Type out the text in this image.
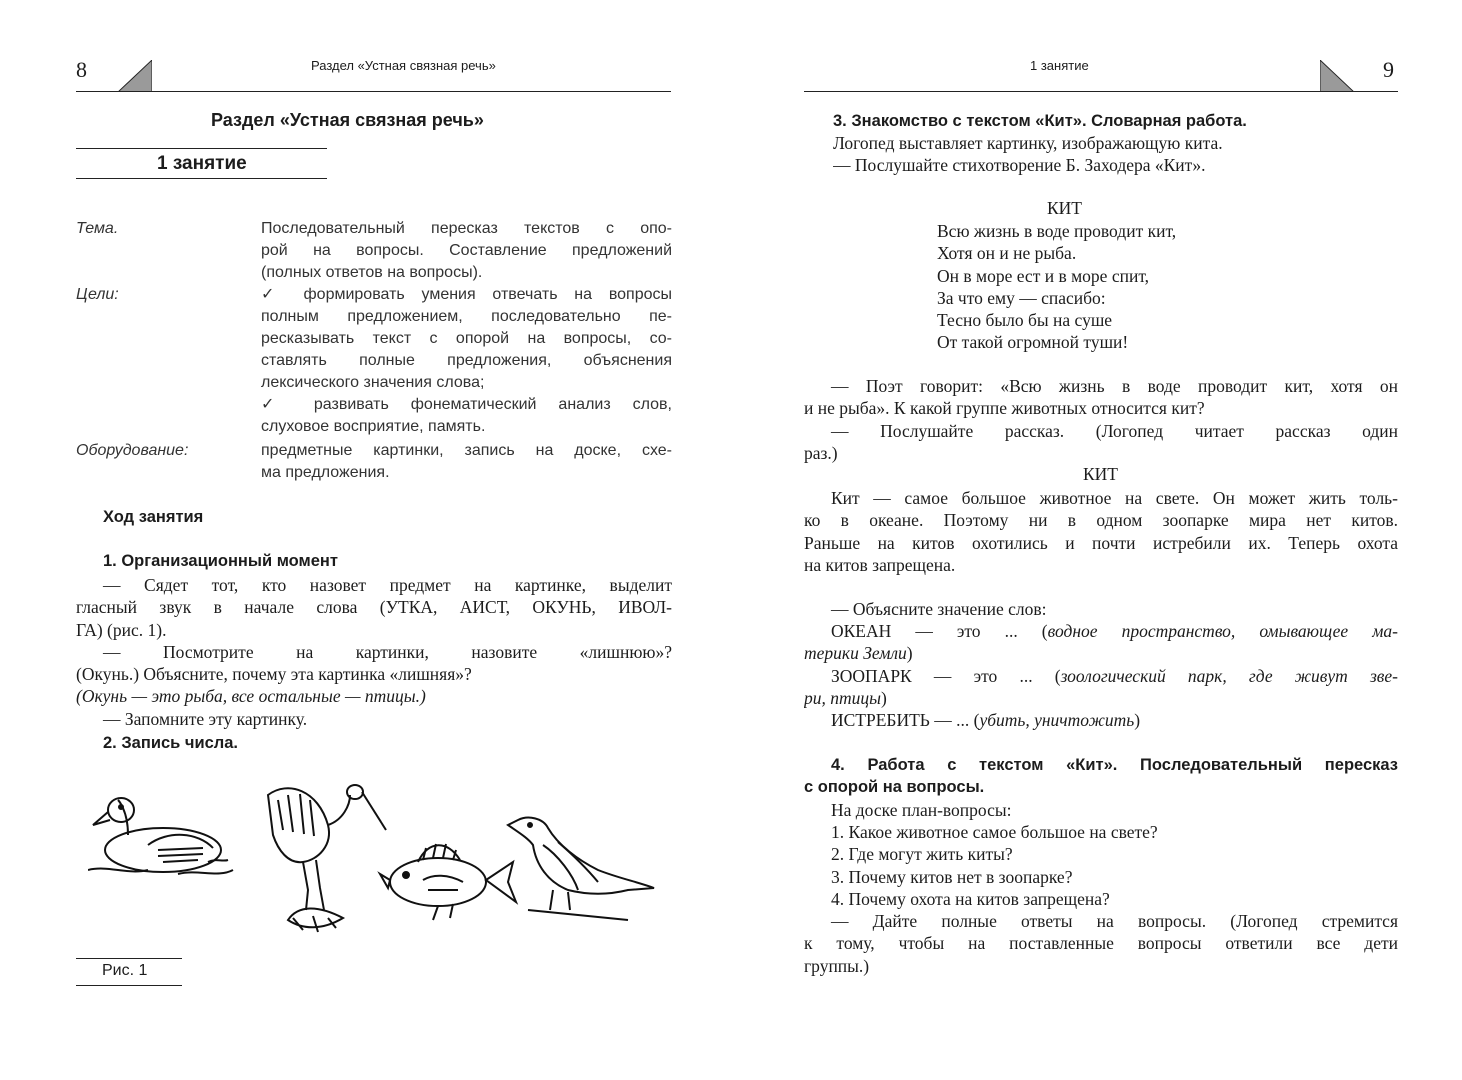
8	Раздел «Устная связная речь»
Раздел «Устная связная речь»
1 занятие
Тема.	Последовательный пересказ текстов с опо-
рой на вопросы. Составление предложений
(полных ответов на вопросы).
Цели:	✓ формировать умения отвечать на вопросы
полным предложением, последовательно пе-
ресказывать текст с опорой на вопросы, со-
ставлять полные предложения, объяснения
лексического значения слова;
✓ развивать фонематический анализ слов,
слуховое восприятие, память.
Оборудование:	предметные картинки, запись на доске, схе-
ма предложения.
Ход занятия
1. Организационный момент
— Сядет тот, кто назовет предмет на картинке, выделит
гласный звук в начале слова (УТКА, АИСТ, ОКУНЬ, ИВОЛ-
ГА) (рис. 1).
— Посмотрите на картинки, назовите «лишнюю»?
(Окунь.) Объясните, почему эта картинка «лишняя»?
(Окунь — это рыба, все остальные — птицы.)
— Запомните эту картинку.
2. Запись числа.
Рис. 1
1 занятие	9
3. Знакомство с текстом «Кит». Словарная работа.
Логопед выставляет картинку, изображающую кита.
— Послушайте стихотворение Б. Заходера «Кит».
КИТ
Всю жизнь в воде проводит кит,
Хотя он и не рыба.
Он в море ест и в море спит,
За что ему — спасибо:
Тесно было бы на суше
От такой огромной туши!
— Поэт говорит: «Всю жизнь в воде проводит кит, хотя он
и не рыба». К какой группе животных относится кит?
— Послушайте рассказ. (Логопед читает рассказ один
раз.)
КИТ
Кит — самое большое животное на свете. Он может жить толь-
ко в океане. Поэтому ни в одном зоопарке мира нет китов.
Раньше на китов охотились и почти истребили их. Теперь охота
на китов запрещена.
— Объясните значение слов:
ОКЕАН — это ... (водное пространство, омывающее ма-
терики Земли)
ЗООПАРК — это ... (зоологический парк, где живут зве-
ри, птицы)
ИСТРЕБИТЬ — ... (убить, уничтожить)
4. Работа с текстом «Кит». Последовательный пересказ
с опорой на вопросы.
На доске план-вопросы:
1. Какое животное самое большое на свете?
2. Где могут жить киты?
3. Почему китов нет в зоопарке?
4. Почему охота на китов запрещена?
— Дайте полные ответы на вопросы. (Логопед стремится
к тому, чтобы на поставленные вопросы ответили все дети
группы.)
